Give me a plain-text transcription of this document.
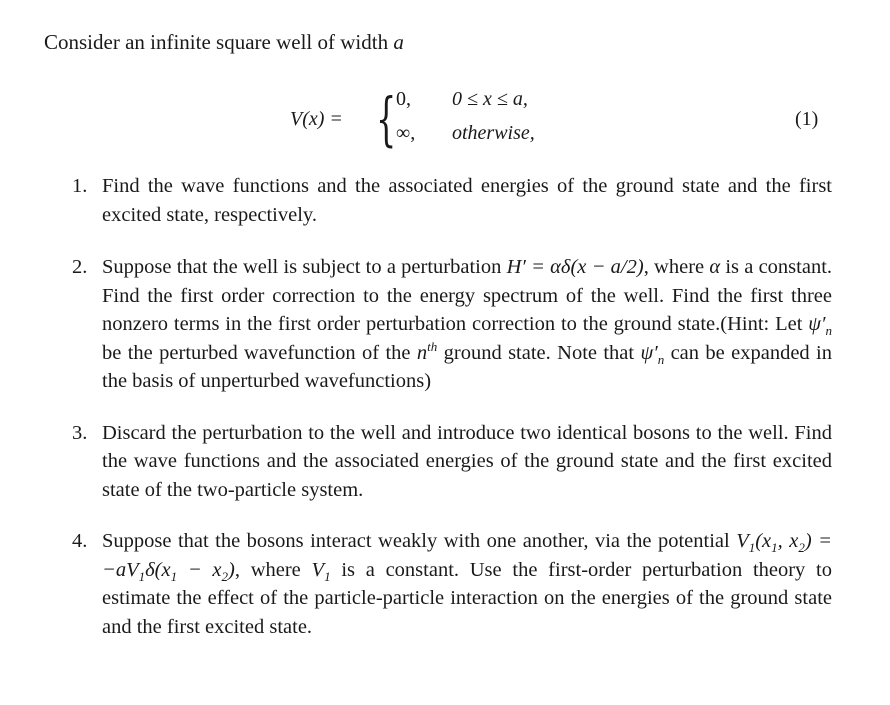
Consider an infinite square well of width a
V(x) = { 0, 0 ≤ x ≤ a,
∞, otherwise,
(1)
1. Find the wave functions and the associated energies of the ground state and the first excited state, respectively.
2. Suppose that the well is subject to a perturbation H′ = αδ(x − a/2), where α is a constant. Find the first order correction to the energy spectrum of the well. Find the first three nonzero terms in the first order perturbation correction to the ground state.(Hint: Let $\psi'_n$ be the perturbed wavefunction of the $n^{th}$ ground state. Note that $\psi'_n$ can be expanded in the basis of unperturbed wavefunctions)
3. Discard the perturbation to the well and introduce two identical bosons to the well. Find the wave functions and the associated energies of the ground state and the first excited state of the two-particle system.
4. Suppose that the bosons interact weakly with one another, via the potential $V_1(x_1$, $x_2) = -aV_1\delta(x_1 - x_2)$, where $V_1$ is a constant. Use the first-order perturbation theory to estimate the effect of the particle-particle interaction on the energies of the ground state and the first excited state.
